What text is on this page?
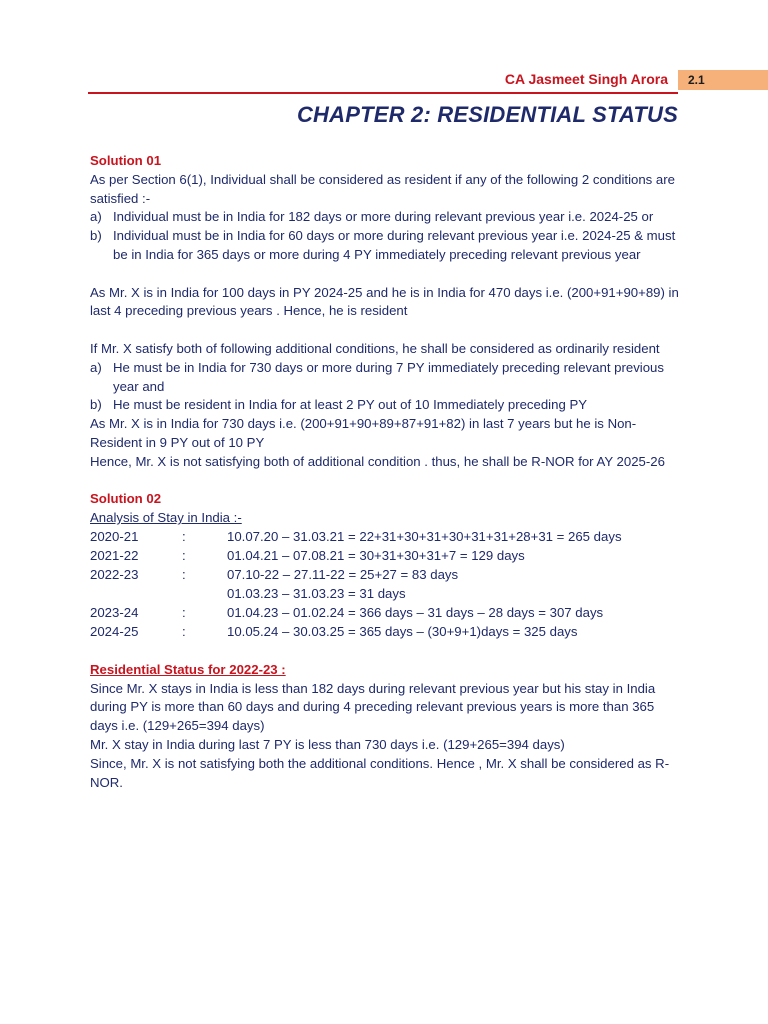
CA Jasmeet Singh Arora	2.1
CHAPTER 2: RESIDENTIAL STATUS
Solution 01
As per Section 6(1), Individual shall be considered as resident if any of the following 2 conditions are satisfied :-
a) Individual must be in India for 182 days or more during relevant previous year i.e. 2024-25 or
b) Individual must be in India for 60 days or more during relevant previous year i.e. 2024-25 & must be in India for 365 days or more during 4 PY immediately preceding relevant previous year
As Mr. X is in India for 100 days in PY 2024-25 and he is in India for 470 days i.e. (200+91+90+89) in last 4 preceding previous years . Hence, he is resident
If Mr. X satisfy both of following additional conditions, he shall be considered as ordinarily resident
a) He must be in India for 730 days or more during 7 PY immediately preceding relevant previous year and
b) He must be resident in India for at least 2 PY out of 10 Immediately preceding PY
As Mr. X is in India for 730 days i.e. (200+91+90+89+87+91+82) in last 7 years but he is Non-Resident in 9 PY out of 10 PY
Hence, Mr. X is not satisfying both of additional condition . thus, he shall be R-NOR for AY 2025-26
Solution 02
Analysis of Stay in India :-
2020-21	:	10.07.20 – 31.03.21 = 22+31+30+31+30+31+31+28+31 = 265 days
2021-22	:	01.04.21 – 07.08.21 = 30+31+30+31+7 = 129 days
2022-23	:	07.10-22 – 27.11-22 = 25+27 = 83 days
01.03.23 – 31.03.23 = 31 days
2023-24	:	01.04.23 – 01.02.24 = 366 days – 31 days – 28 days = 307 days
2024-25	:	10.05.24 – 30.03.25 = 365 days – (30+9+1)days = 325 days
Residential Status for 2022-23 :
Since Mr. X stays in India is less than 182 days during relevant previous year but his stay in India during PY is more than 60 days and during 4 preceding relevant previous years is more than 365 days i.e. (129+265=394 days)
Mr. X stay in India during last 7 PY is less than 730 days i.e. (129+265=394 days)
Since, Mr. X is not satisfying both the additional conditions. Hence , Mr. X shall be considered as R-NOR.
